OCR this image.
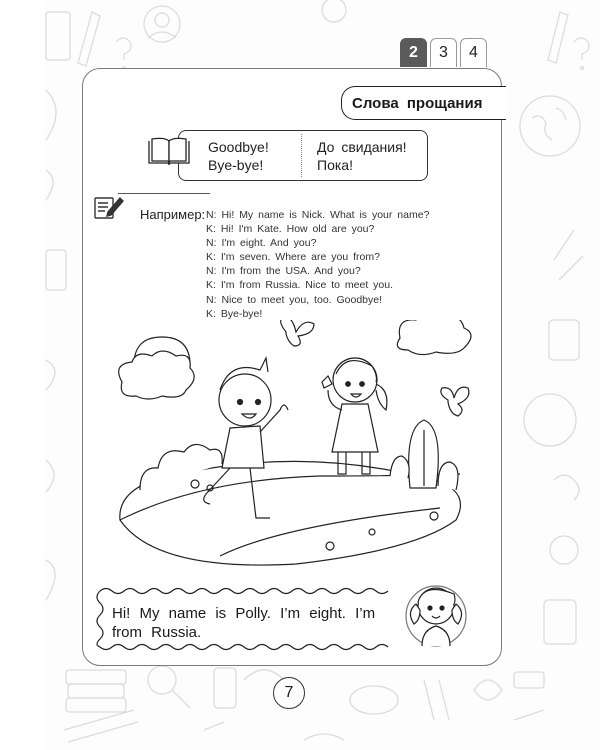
2	3	4
Слова прощания
Goodbye!
Bye-bye!
До свидания!
Пока!
Например: N: Hi! My name is Nick. What is your name?
K: Hi! I'm Kate. How old are you?
N: I'm eight. And you?
K: I'm seven. Where are you from?
N: I'm from the USA. And you?
K: I'm from Russia. Nice to meet you.
N: Nice to meet you, too. Goodbye!
K: Bye-bye!
Hi! My name is Polly. I’m eight. I’m
from Russia.
7
